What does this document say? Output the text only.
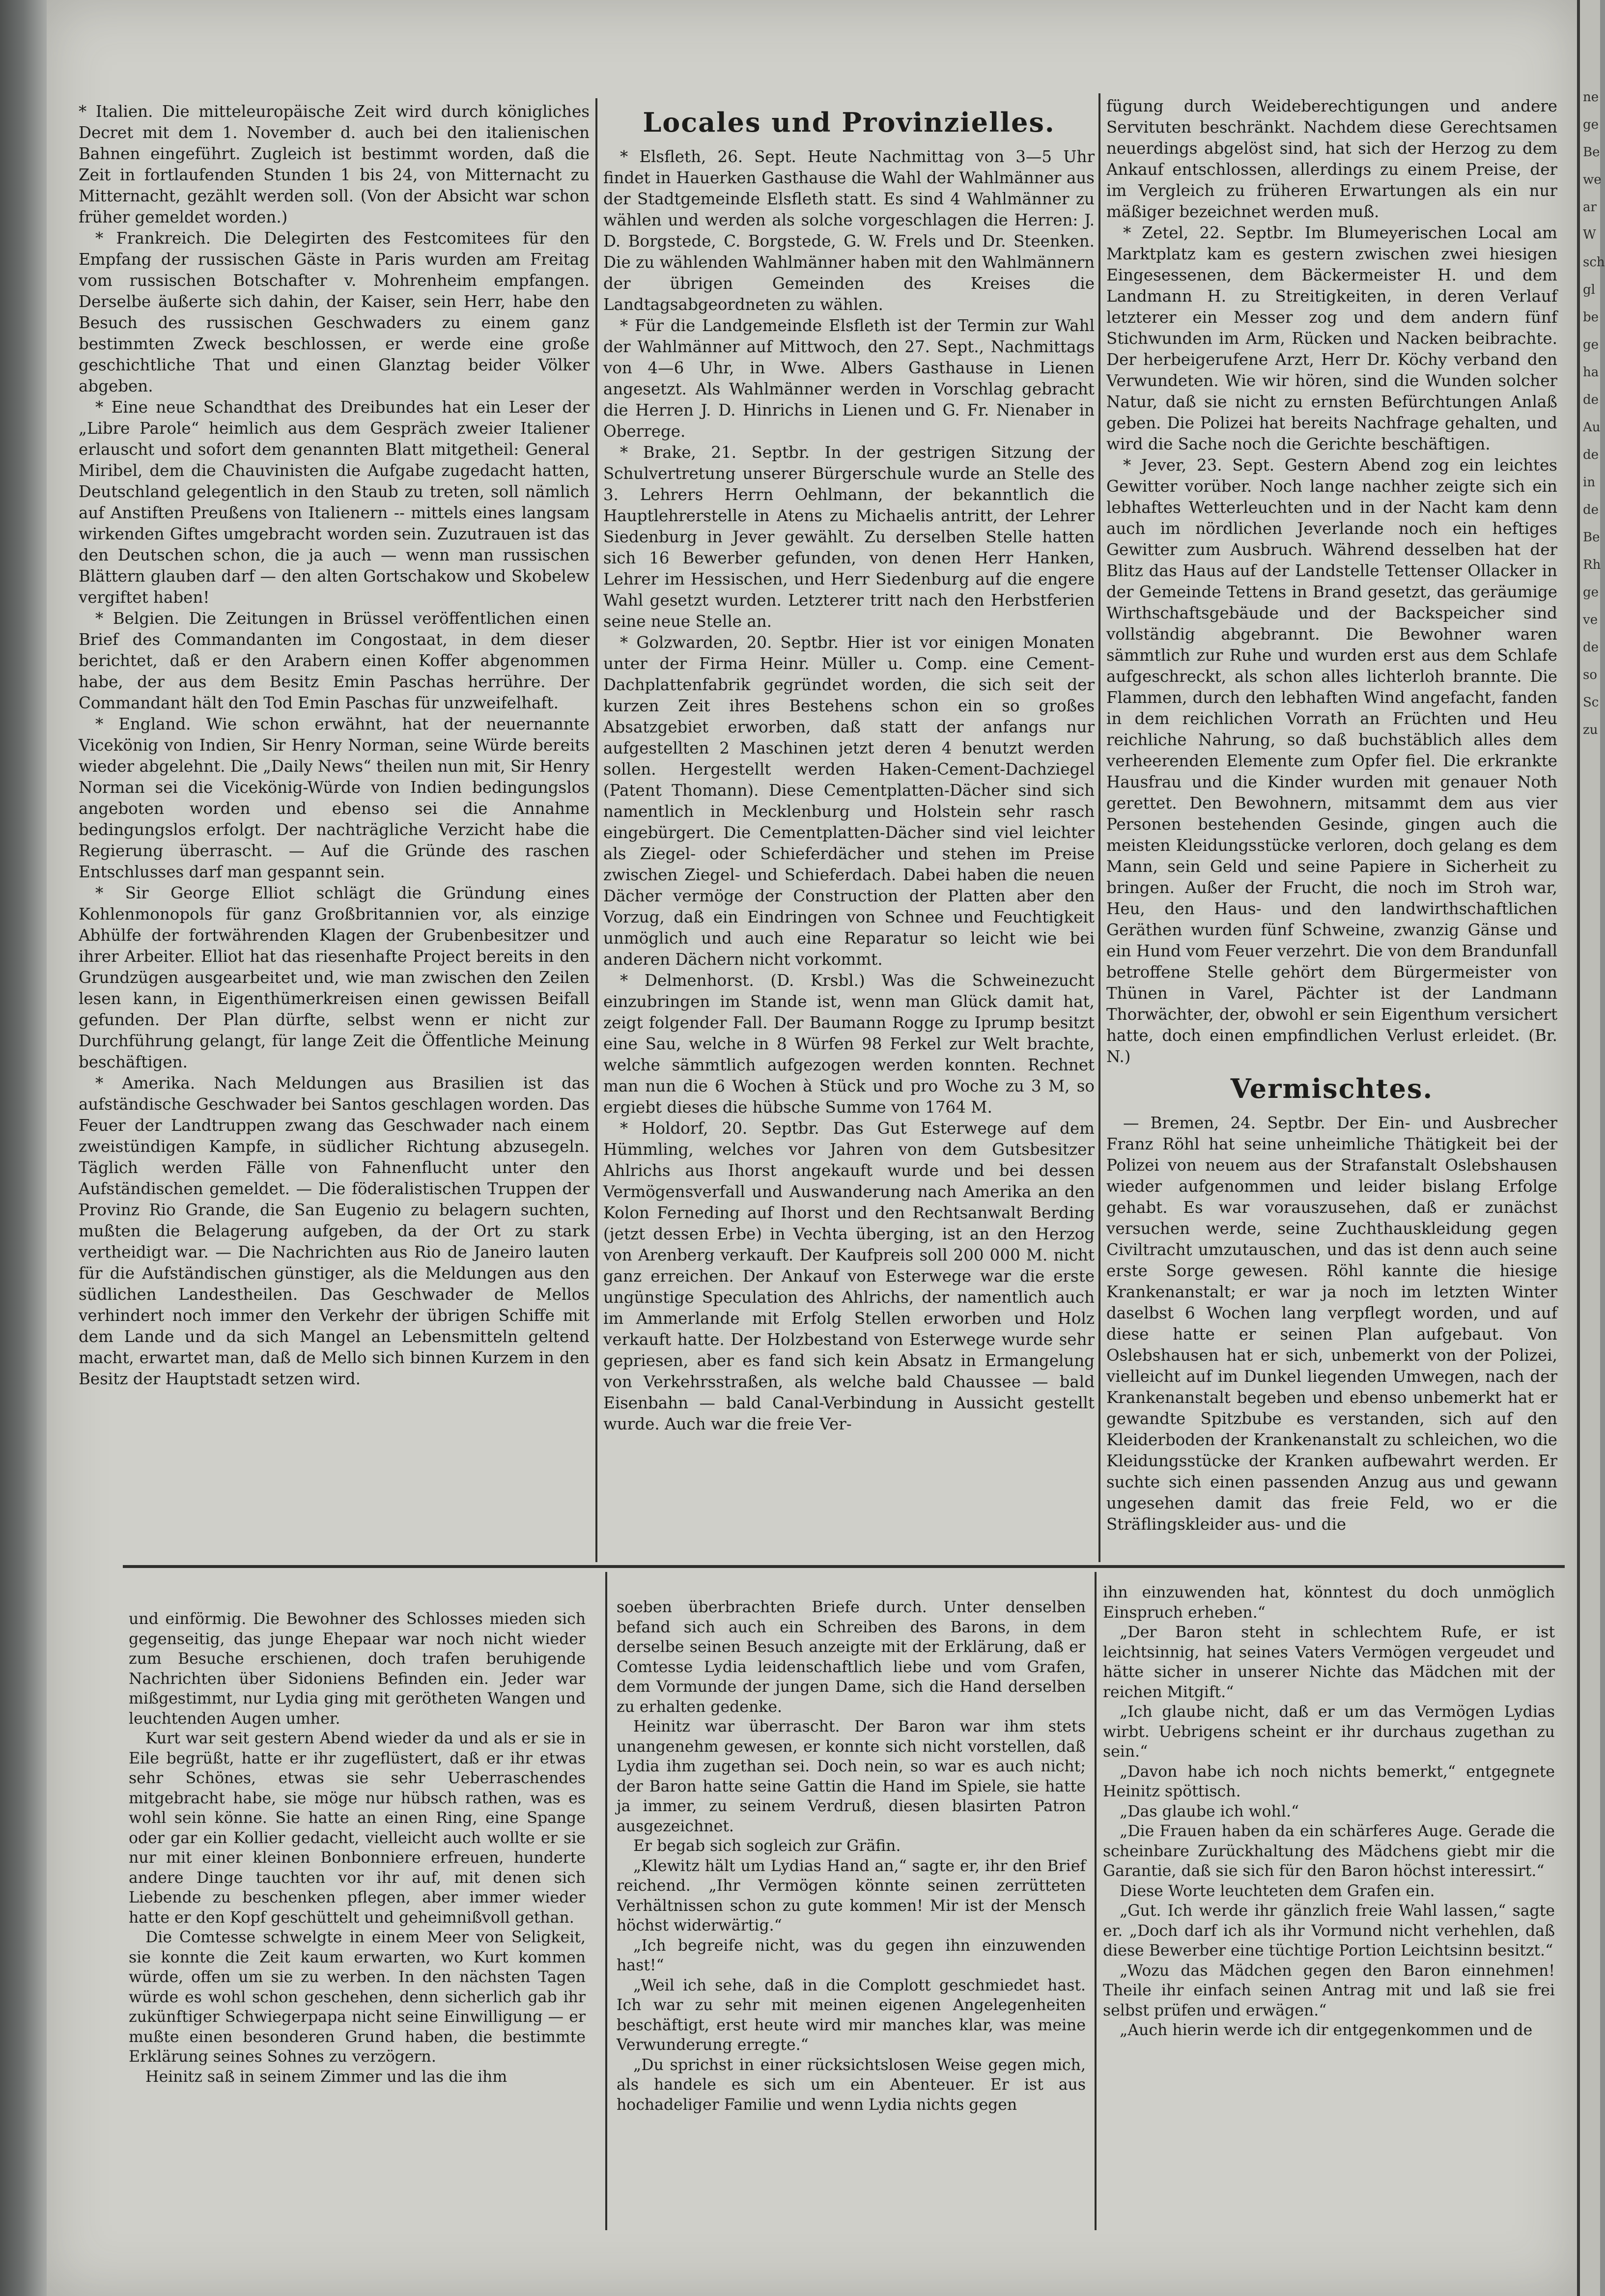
* Italien. Die mitteleuropäische Zeit wird durch königliches Decret mit dem 1. November d. auch bei den italienischen Bahnen eingeführt. Zugleich ist bestimmt worden, daß die Zeit in fortlaufenden Stunden 1 bis 24, von Mitternacht zu Mitternacht, gezählt werden soll. (Von der Absicht war schon früher gemeldet worden.)

* Frankreich. Die Delegirten des Festcomitees für den Empfang der russischen Gäste in Paris wurden am Freitag vom russischen Botschafter v. Mohrenheim empfangen. Derselbe äußerte sich dahin, der Kaiser, sein Herr, habe den Besuch des russischen Geschwaders zu einem ganz bestimmten Zweck beschlossen, er werde eine große geschichtliche That und einen Glanztag beider Völker abgeben.

* Eine neue Schandthat des Dreibundes hat ein Leser der „Libre Parole“ heimlich aus dem Gespräch zweier Italiener erlauscht und sofort dem genannten Blatt mitgetheil: General Miribel, dem die Chauvinisten die Aufgabe zugedacht hatten, Deutschland gelegentlich in den Staub zu treten, soll nämlich auf Anstiften Preußens von Italienern -- mittels eines langsam wirkenden Giftes umgebracht worden sein. Zuzutrauen ist das den Deutschen schon, die ja auch — wenn man russischen Blättern glauben darf — den alten Gortschakow und Skobelew vergiftet haben!

* Belgien. Die Zeitungen in Brüssel veröffentlichen einen Brief des Commandanten im Congostaat, in dem dieser berichtet, daß er den Arabern einen Koffer abgenommen habe, der aus dem Besitz Emin Paschas herrühre. Der Commandant hält den Tod Emin Paschas für unzweifelhaft.

* England. Wie schon erwähnt, hat der neuernannte Vicekönig von Indien, Sir Henry Norman, seine Würde bereits wieder abgelehnt. Die „Daily News“ theilen nun mit, Sir Henry Norman sei die Vicekönig-Würde von Indien bedingungslos angeboten worden und ebenso sei die Annahme bedingungslos erfolgt. Der nachträgliche Verzicht habe die Regierung überrascht. — Auf die Gründe des raschen Entschlusses darf man gespannt sein.

* Sir George Elliot schlägt die Gründung eines Kohlenmonopols für ganz Großbritannien vor, als einzige Abhülfe der fortwährenden Klagen der Grubenbesitzer und ihrer Arbeiter. Elliot hat das riesenhafte Project bereits in den Grundzügen ausgearbeitet und, wie man zwischen den Zeilen lesen kann, in Eigenthümerkreisen einen gewissen Beifall gefunden. Der Plan dürfte, selbst wenn er nicht zur Durchführung gelangt, für lange Zeit die Öffentliche Meinung beschäftigen.

* Amerika. Nach Meldungen aus Brasilien ist das aufständische Geschwader bei Santos geschlagen worden. Das Feuer der Landtruppen zwang das Geschwader nach einem zweistündigen Kampfe, in südlicher Richtung abzusegeln. Täglich werden Fälle von Fahnenflucht unter den Aufständischen gemeldet. — Die föderalistischen Truppen der Provinz Rio Grande, die San Eugenio zu belagern suchten, mußten die Belagerung aufgeben, da der Ort zu stark vertheidigt war. — Die Nachrichten aus Rio de Janeiro lauten für die Aufständischen günstiger, als die Meldungen aus den südlichen Landestheilen. Das Geschwader de Mellos verhindert noch immer den Verkehr der übrigen Schiffe mit dem Lande und da sich Mangel an Lebensmitteln geltend macht, erwartet man, daß de Mello sich binnen Kurzem in den Besitz der Hauptstadt setzen wird.

Locales und Provinzielles.

* Elsfleth, 26. Sept. Heute Nachmittag von 3—5 Uhr findet in Hauerken Gasthause die Wahl der Wahlmänner aus der Stadtgemeinde Elsfleth statt. Es sind 4 Wahlmänner zu wählen und werden als solche vorgeschlagen die Herren: J. D. Borgstede, C. Borgstede, G. W. Frels und Dr. Steenken. Die zu wählenden Wahlmänner haben mit den Wahlmännern der übrigen Gemeinden des Kreises die Landtagsabgeordneten zu wählen.

* Für die Landgemeinde Elsfleth ist der Termin zur Wahl der Wahlmänner auf Mittwoch, den 27. Sept., Nachmittags von 4—6 Uhr, in Wwe. Albers Gasthause in Lienen angesetzt. Als Wahlmänner werden in Vorschlag gebracht die Herren J. D. Hinrichs in Lienen und G. Fr. Nienaber in Oberrege.

* Brake, 21. Septbr. In der gestrigen Sitzung der Schulvertretung unserer Bürgerschule wurde an Stelle des 3. Lehrers Herrn Oehlmann, der bekanntlich die Hauptlehrerstelle in Atens zu Michaelis antritt, der Lehrer Siedenburg in Jever gewählt. Zu derselben Stelle hatten sich 16 Bewerber gefunden, von denen Herr Hanken, Lehrer im Hessischen, und Herr Siedenburg auf die engere Wahl gesetzt wurden. Letzterer tritt nach den Herbstferien seine neue Stelle an.

* Golzwarden, 20. Septbr. Hier ist vor einigen Monaten unter der Firma Heinr. Müller u. Comp. eine Cement-Dachplattenfabrik gegründet worden, die sich seit der kurzen Zeit ihres Bestehens schon ein so großes Absatzgebiet erworben, daß statt der anfangs nur aufgestellten 2 Maschinen jetzt deren 4 benutzt werden sollen. Hergestellt werden Haken-Cement-Dachziegel (Patent Thomann). Diese Cementplatten-Dächer sind sich namentlich in Mecklenburg und Holstein sehr rasch eingebürgert. Die Cementplatten-Dächer sind viel leichter als Ziegel- oder Schieferdächer und stehen im Preise zwischen Ziegel- und Schieferdach. Dabei haben die neuen Dächer vermöge der Construction der Platten aber den Vorzug, daß ein Eindringen von Schnee und Feuchtigkeit unmöglich und auch eine Reparatur so leicht wie bei anderen Dächern nicht vorkommt.

* Delmenhorst. (D. Krsbl.) Was die Schweinezucht einzubringen im Stande ist, wenn man Glück damit hat, zeigt folgender Fall. Der Baumann Rogge zu Iprump besitzt eine Sau, welche in 8 Würfen 98 Ferkel zur Welt brachte, welche sämmtlich aufgezogen werden konnten. Rechnet man nun die 6 Wochen à Stück und pro Woche zu 3 M, so ergiebt dieses die hübsche Summe von 1764 M.

* Holdorf, 20. Septbr. Das Gut Esterwege auf dem Hümmling, welches vor Jahren von dem Gutsbesitzer Ahlrichs aus Ihorst angekauft wurde und bei dessen Vermögensverfall und Auswanderung nach Amerika an den Kolon Ferneding auf Ihorst und den Rechtsanwalt Berding (jetzt dessen Erbe) in Vechta überging, ist an den Herzog von Arenberg verkauft. Der Kaufpreis soll 200 000 M. nicht ganz erreichen. Der Ankauf von Esterwege war die erste ungünstige Speculation des Ahlrichs, der namentlich auch im Ammerlande mit Erfolg Stellen erworben und Holz verkauft hatte. Der Holzbestand von Esterwege wurde sehr gepriesen, aber es fand sich kein Absatz in Ermangelung von Verkehrsstraßen, als welche bald Chaussee — bald Eisenbahn — bald Canal-Verbindung in Aussicht gestellt wurde. Auch war die freie Ver-

fügung durch Weideberechtigungen und andere Servituten beschränkt. Nachdem diese Gerechtsamen neuerdings abgelöst sind, hat sich der Herzog zu dem Ankauf entschlossen, allerdings zu einem Preise, der im Vergleich zu früheren Erwartungen als ein nur mäßiger bezeichnet werden muß.

* Zetel, 22. Septbr. Im Blumeyerischen Local am Marktplatz kam es gestern zwischen zwei hiesigen Eingesessenen, dem Bäckermeister H. und dem Landmann H. zu Streitigkeiten, in deren Verlauf letzterer ein Messer zog und dem andern fünf Stichwunden im Arm, Rücken und Nacken beibrachte. Der herbeigerufene Arzt, Herr Dr. Köchy verband den Verwundeten. Wie wir hören, sind die Wunden solcher Natur, daß sie nicht zu ernsten Befürchtungen Anlaß geben. Die Polizei hat bereits Nachfrage gehalten, und wird die Sache noch die Gerichte beschäftigen.

* Jever, 23. Sept. Gestern Abend zog ein leichtes Gewitter vorüber. Noch lange nachher zeigte sich ein lebhaftes Wetterleuchten und in der Nacht kam denn auch im nördlichen Jeverlande noch ein heftiges Gewitter zum Ausbruch. Während desselben hat der Blitz das Haus auf der Landstelle Tettenser Ollacker in der Gemeinde Tettens in Brand gesetzt, das geräumige Wirthschaftsgebäude und der Backspeicher sind vollständig abgebrannt. Die Bewohner waren sämmtlich zur Ruhe und wurden erst aus dem Schlafe aufgeschreckt, als schon alles lichterloh brannte. Die Flammen, durch den lebhaften Wind angefacht, fanden in dem reichlichen Vorrath an Früchten und Heu reichliche Nahrung, so daß buchstäblich alles dem verheerenden Elemente zum Opfer fiel. Die erkrankte Hausfrau und die Kinder wurden mit genauer Noth gerettet. Den Bewohnern, mitsammt dem aus vier Personen bestehenden Gesinde, gingen auch die meisten Kleidungsstücke verloren, doch gelang es dem Mann, sein Geld und seine Papiere in Sicherheit zu bringen. Außer der Frucht, die noch im Stroh war, Heu, den Haus- und den landwirthschaftlichen Geräthen wurden fünf Schweine, zwanzig Gänse und ein Hund vom Feuer verzehrt. Die von dem Brandunfall betroffene Stelle gehört dem Bürgermeister von Thünen in Varel, Pächter ist der Landmann Thorwächter, der, obwohl er sein Eigenthum versichert hatte, doch einen empfindlichen Verlust erleidet. (Br. N.)

Vermischtes.

— Bremen, 24. Septbr. Der Ein- und Ausbrecher Franz Röhl hat seine unheimliche Thätigkeit bei der Polizei von neuem aus der Strafanstalt Oslebshausen wieder aufgenommen und leider bislang Erfolge gehabt. Es war vorauszusehen, daß er zunächst versuchen werde, seine Zuchthauskleidung gegen Civiltracht umzutauschen, und das ist denn auch seine erste Sorge gewesen. Röhl kannte die hiesige Krankenanstalt; er war ja noch im letzten Winter daselbst 6 Wochen lang verpflegt worden, und auf diese hatte er seinen Plan aufgebaut. Von Oslebshausen hat er sich, unbemerkt von der Polizei, vielleicht auf im Dunkel liegenden Umwegen, nach der Krankenanstalt begeben und ebenso unbemerkt hat er gewandte Spitzbube es verstanden, sich auf den Kleiderboden der Krankenanstalt zu schleichen, wo die Kleidungsstücke der Kranken aufbewahrt werden. Er suchte sich einen passenden Anzug aus und gewann ungesehen damit das freie Feld, wo er die Sträflingskleider aus- und die

und einförmig. Die Bewohner des Schlosses mieden sich gegenseitig, das junge Ehepaar war noch nicht wieder zum Besuche erschienen, doch trafen beruhigende Nachrichten über Sidoniens Befinden ein. Jeder war mißgestimmt, nur Lydia ging mit gerötheten Wangen und leuchtenden Augen umher.

Kurt war seit gestern Abend wieder da und als er sie in Eile begrüßt, hatte er ihr zugeflüstert, daß er ihr etwas sehr Schönes, etwas sie sehr Ueberraschendes mitgebracht habe, sie möge nur hübsch rathen, was es wohl sein könne. Sie hatte an einen Ring, eine Spange oder gar ein Kollier gedacht, vielleicht auch wollte er sie nur mit einer kleinen Bonbonniere erfreuen, hunderte andere Dinge tauchten vor ihr auf, mit denen sich Liebende zu beschenken pflegen, aber immer wieder hatte er den Kopf geschüttelt und geheimnißvoll gethan.

Die Comtesse schwelgte in einem Meer von Seligkeit, sie konnte die Zeit kaum erwarten, wo Kurt kommen würde, offen um sie zu werben. In den nächsten Tagen würde es wohl schon geschehen, denn sicherlich gab ihr zukünftiger Schwiegerpapa nicht seine Einwilligung — er mußte einen besonderen Grund haben, die bestimmte Erklärung seines Sohnes zu verzögern.

Heinitz saß in seinem Zimmer und las die ihm

soeben überbrachten Briefe durch. Unter denselben befand sich auch ein Schreiben des Barons, in dem derselbe seinen Besuch anzeigte mit der Erklärung, daß er Comtesse Lydia leidenschaftlich liebe und vom Grafen, dem Vormunde der jungen Dame, sich die Hand derselben zu erhalten gedenke.

Heinitz war überrascht. Der Baron war ihm stets unangenehm gewesen, er konnte sich nicht vorstellen, daß Lydia ihm zugethan sei. Doch nein, so war es auch nicht; der Baron hatte seine Gattin die Hand im Spiele, sie hatte ja immer, zu seinem Verdruß, diesen blasirten Patron ausgezeichnet.

Er begab sich sogleich zur Gräfin.

„Klewitz hält um Lydias Hand an,“ sagte er, ihr den Brief reichend. „Ihr Vermögen könnte seinen zerrütteten Verhältnissen schon zu gute kommen! Mir ist der Mensch höchst widerwärtig.“

„Ich begreife nicht, was du gegen ihn einzuwenden hast!“

„Weil ich sehe, daß in die Complott geschmiedet hast. Ich war zu sehr mit meinen eigenen Angelegenheiten beschäftigt, erst heute wird mir manches klar, was meine Verwunderung erregte.“

„Du sprichst in einer rücksichtslosen Weise gegen mich, als handele es sich um ein Abenteuer. Er ist aus hochadeliger Familie und wenn Lydia nichts gegen

ihn einzuwenden hat, könntest du doch unmöglich Einspruch erheben.“

„Der Baron steht in schlechtem Rufe, er ist leichtsinnig, hat seines Vaters Vermögen vergeudet und hätte sicher in unserer Nichte das Mädchen mit der reichen Mitgift.“

„Ich glaube nicht, daß er um das Vermögen Lydias wirbt. Uebrigens scheint er ihr durchaus zugethan zu sein.“

„Davon habe ich noch nichts bemerkt,“ entgegnete Heinitz spöttisch.

„Das glaube ich wohl.“

„Die Frauen haben da ein schärferes Auge. Gerade die scheinbare Zurückhaltung des Mädchens giebt mir die Garantie, daß sie sich für den Baron höchst interessirt.“

Diese Worte leuchteten dem Grafen ein.

„Gut. Ich werde ihr gänzlich freie Wahl lassen,“ sagte er. „Doch darf ich als ihr Vormund nicht verhehlen, daß diese Bewerber eine tüchtige Portion Leichtsinn besitzt.“

„Wozu das Mädchen gegen den Baron einnehmen! Theile ihr einfach seinen Antrag mit und laß sie frei selbst prüfen und erwägen.“

„Auch hierin werde ich dir entgegenkommen und de

ne
ge
Be
we
ar
W
sch
gl
be
ge
ha
de
Au
de
in
de
Be
Rh
ge
ve
de
so
Sc
zu
